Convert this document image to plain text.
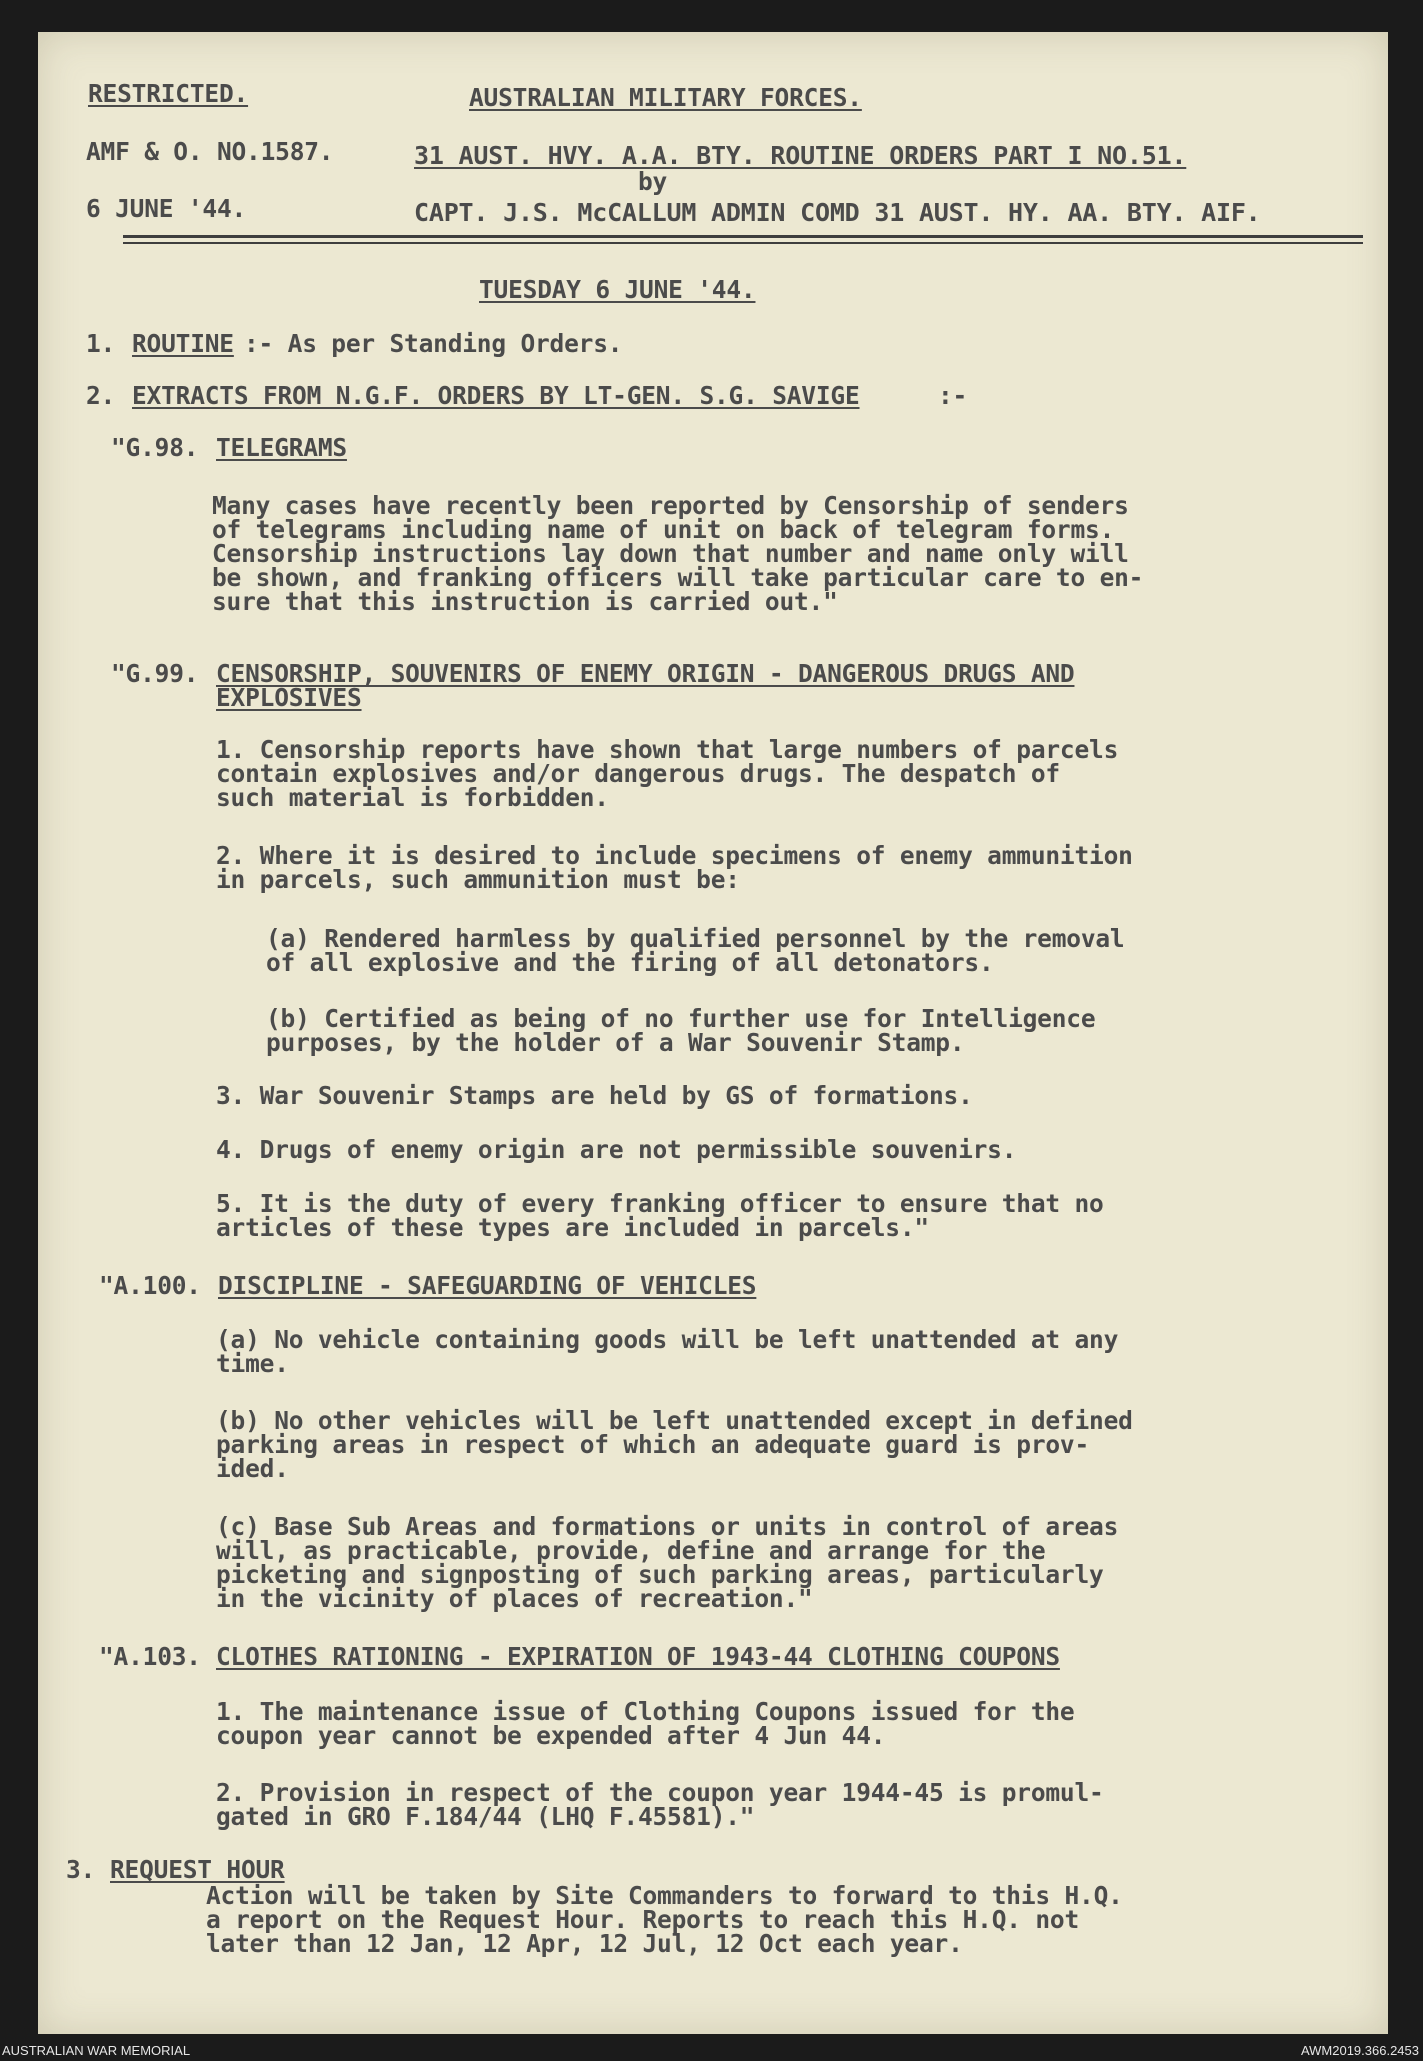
RESTRICTED.
AMF & O. NO.1587.
6 JUNE '44.
AUSTRALIAN MILITARY FORCES.
31 AUST. HVY. A.A. BTY. ROUTINE ORDERS PART I NO.51.
by
CAPT. J.S. McCALLUM ADMIN COMD 31 AUST. HY. AA. BTY. AIF.
TUESDAY 6 JUNE '44.
1. ROUTINE :- As per Standing Orders.
2. EXTRACTS FROM N.G.F. ORDERS BY LT-GEN. S.G. SAVIGE	:-
"G.98. TELEGRAMS
Many cases have recently been reported by Censorship of senders
of telegrams including name of unit on back of telegram forms.
Censorship instructions lay down that number and name only will
be shown, and franking officers will take particular care to en-
sure that this instruction is carried out."
"G.99. CENSORSHIP, SOUVENIRS OF ENEMY ORIGIN - DANGEROUS DRUGS AND
EXPLOSIVES
1. Censorship reports have shown that large numbers of parcels
contain explosives and/or dangerous drugs. The despatch of
such material is forbidden.
2. Where it is desired to include specimens of enemy ammunition
in parcels, such ammunition must be:
(a) Rendered harmless by qualified personnel by the removal
of all explosive and the firing of all detonators.
(b) Certified as being of no further use for Intelligence
purposes, by the holder of a War Souvenir Stamp.
3. War Souvenir Stamps are held by GS of formations.
4. Drugs of enemy origin are not permissible souvenirs.
5. It is the duty of every franking officer to ensure that no
articles of these types are included in parcels."
"A.100. DISCIPLINE - SAFEGUARDING OF VEHICLES
(a) No vehicle containing goods will be left unattended at any
time.
(b) No other vehicles will be left unattended except in defined
parking areas in respect of which an adequate guard is prov-
ided.
(c) Base Sub Areas and formations or units in control of areas
will, as practicable, provide, define and arrange for the
picketing and signposting of such parking areas, particularly
in the vicinity of places of recreation."
"A.103. CLOTHES RATIONING - EXPIRATION OF 1943-44 CLOTHING COUPONS
1. The maintenance issue of Clothing Coupons issued for the
coupon year cannot be expended after 4 Jun 44.
2. Provision in respect of the coupon year 1944-45 is promul-
gated in GRO F.184/44 (LHQ F.45581)."
3. REQUEST HOUR
Action will be taken by Site Commanders to forward to this H.Q.
a report on the Request Hour. Reports to reach this H.Q. not
later than 12 Jan, 12 Apr, 12 Jul, 12 Oct each year.
AUSTRALIAN WAR MEMORIAL	AWM2019.366.2453
